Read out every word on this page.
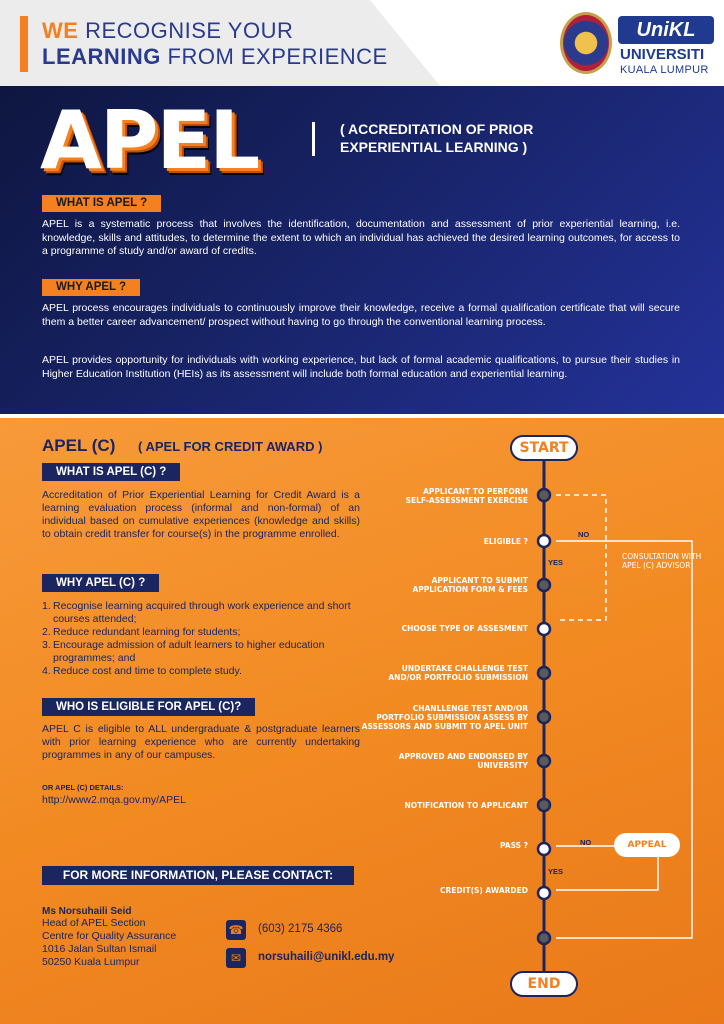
WE RECOGNISE YOUR
LEARNING FROM EXPERIENCE
UniKL
UNIVERSITI
KUALA LUMPUR
APEL	( ACCREDITATION OF PRIOR EXPERIENTIAL LEARNING )
WHAT IS APEL ?
APEL is a systematic process that involves the identification, documentation and assessment of prior experiential learning, i.e. knowledge, skills and attitudes, to determine the extent to which an individual has achieved the desired learning outcomes, for access to a programme of study and/or award of credits.
WHY APEL ?
APEL process encourages individuals to continuously improve their knowledge, receive a formal qualification certificate that will secure them a better career advancement/ prospect without having to go through the conventional learning process.
APEL provides opportunity for individuals with working experience, but lack of formal academic qualifications, to pursue their studies in Higher Education Institution (HEIs) as its assessment will include both formal education and experiential learning.
APEL (C) ( APEL FOR CREDIT AWARD )
WHAT IS APEL (C) ?
Accreditation of Prior Experiential Learning for Credit Award is a learning evaluation process (informal and non-formal) of an individual based on cumulative experiences (knowledge and skills) to obtain credit transfer for course(s) in the programme enrolled.
WHY APEL (C) ?
1. Recognise learning acquired through work experience and short courses attended;
2. Reduce redundant learning for students;
3. Encourage admission of adult learners to higher education programmes; and
4. Reduce cost and time to complete study.
WHO IS ELIGIBLE FOR APEL (C)?
APEL C is eligible to ALL undergraduate & postgraduate learners with prior learning experience who are currently undertaking programmes in any of our campuses.
OR APEL (C) DETAILS:
http://www2.mqa.gov.my/APEL
FOR MORE INFORMATION, PLEASE CONTACT:
Ms Norsuhaili Seid
Head of APEL Section
Centre for Quality Assurance
1016 Jalan Sultan Ismail
50250 Kuala Lumpur
☎ (603) 2175 4366
✉	norsuhaili@unikl.edu.my
START
END
APPEAL
APPLICANT TO PERFORM
SELF-ASSESSMENT EXERCISE
ELIGIBLE ?
APPLICANT TO SUBMIT
APPLICATION FORM & FEES
CHOOSE TYPE OF ASSESMENT
UNDERTAKE CHALLENGE TEST
AND/OR PORTFOLIO SUBMISSION
CHANLLENGE TEST AND/OR
PORTFOLIO SUBMISSION ASSESS BY
ASSESSORS AND SUBMIT TO APEL UNIT
APPROVED AND ENDORSED BY
UNIVERSITY
NOTIFICATION TO APPLICANT
PASS ?
CREDIT(S) AWARDED
CONSULTATION WITH
APEL (C) ADVISOR
NO
YES
NO
YES
